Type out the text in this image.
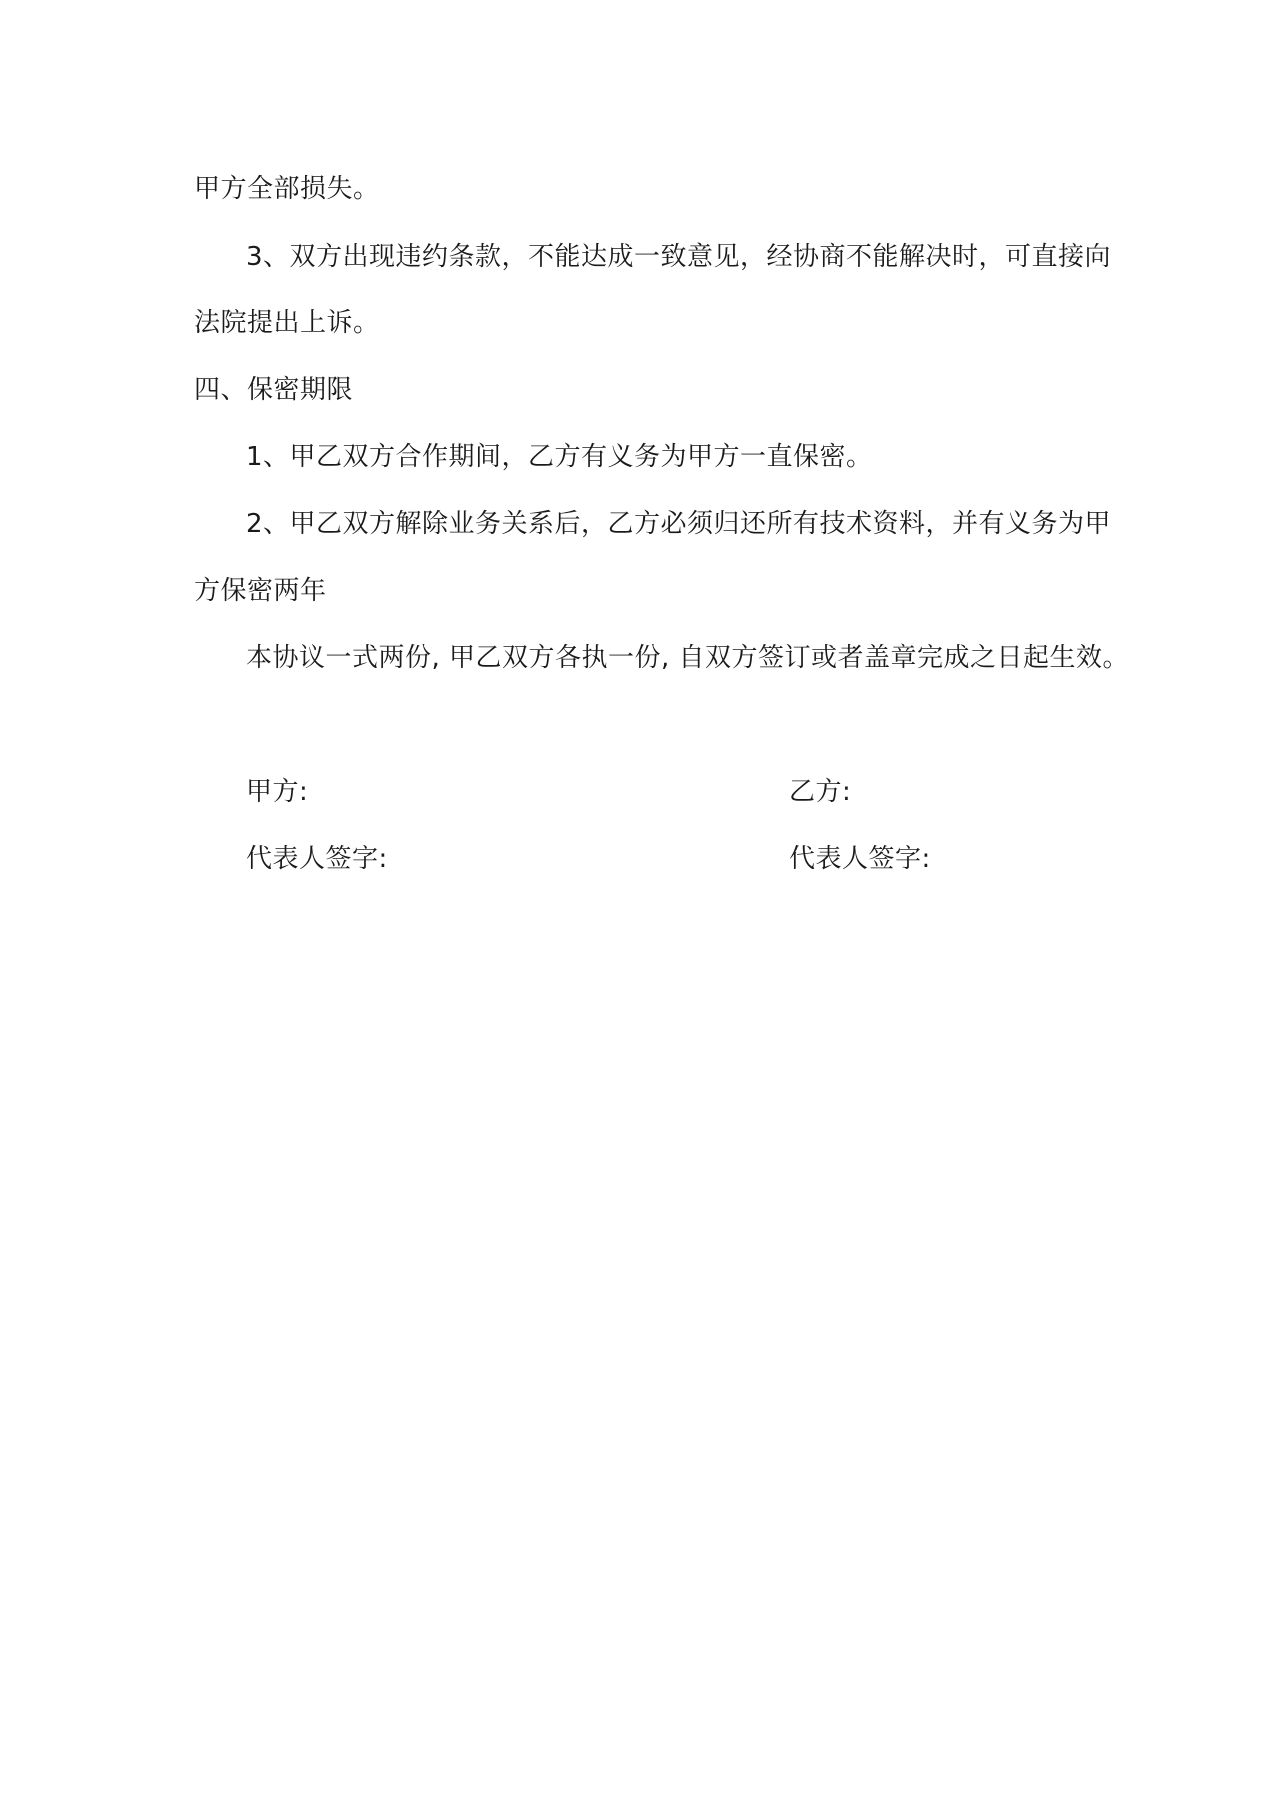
甲方全部损失。
3、双方出现违约条款，不能达成一致意见，经协商不能解决时，可直接向
法院提出上诉。
四、保密期限
1、甲乙双方合作期间，乙方有义务为甲方一直保密。
2、甲乙双方解除业务关系后，乙方必须归还所有技术资料，并有义务为甲
方保密两年
本协议一式两份, 甲乙双方各执一份, 自双方签订或者盖章完成之日起生效。
甲方:	乙方:
代表人签字:	代表人签字:
